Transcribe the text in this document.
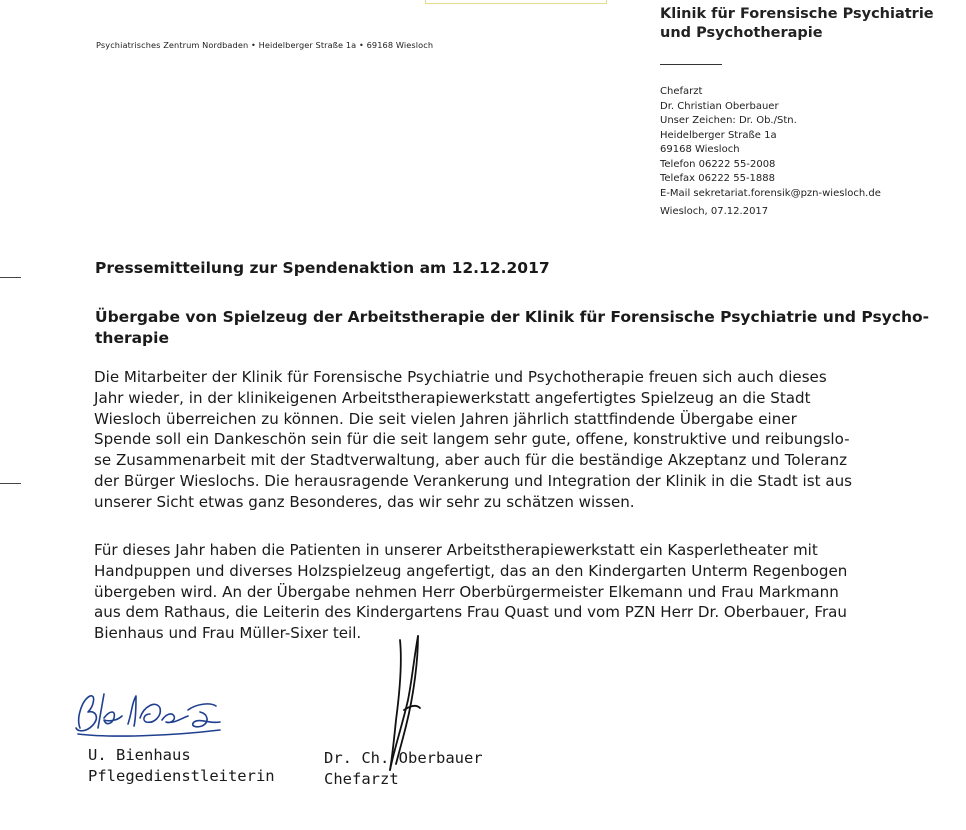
Psychiatrisches Zentrum Nordbaden • Heidelberger Straße 1a • 69168 Wiesloch
Klinik für Forensische Psychiatrie
und Psychotherapie
Chefarzt
Dr. Christian Oberbauer
Unser Zeichen: Dr. Ob./Stn.
Heidelberger Straße 1a
69168 Wiesloch
Telefon 06222 55-2008
Telefax 06222 55-1888
E-Mail sekretariat.forensik@pzn-wiesloch.de
Wiesloch, 07.12.2017
Pressemitteilung zur Spendenaktion am 12.12.2017
Übergabe von Spielzeug der Arbeitstherapie der Klinik für Forensische Psychiatrie und Psycho-
therapie
Die Mitarbeiter der Klinik für Forensische Psychiatrie und Psychotherapie freuen sich auch dieses
Jahr wieder, in der klinikeigenen Arbeitstherapiewerkstatt angefertigtes Spielzeug an die Stadt
Wiesloch überreichen zu können. Die seit vielen Jahren jährlich stattfindende Übergabe einer
Spende soll ein Dankeschön sein für die seit langem sehr gute, offene, konstruktive und reibungslo-
se Zusammenarbeit mit der Stadtverwaltung, aber auch für die beständige Akzeptanz und Toleranz
der Bürger Wieslochs. Die herausragende Verankerung und Integration der Klinik in die Stadt ist aus
unserer Sicht etwas ganz Besonderes, das wir sehr zu schätzen wissen.
Für dieses Jahr haben die Patienten in unserer Arbeitstherapiewerkstatt ein Kasperletheater mit
Handpuppen und diverses Holzspielzeug angefertigt, das an den Kindergarten Unterm Regenbogen
übergeben wird. An der Übergabe nehmen Herr Oberbürgermeister Elkemann und Frau Markmann
aus dem Rathaus, die Leiterin des Kindergartens Frau Quast und vom PZN Herr Dr. Oberbauer, Frau
Bienhaus und Frau Müller-Sixer teil.
U. Bienhaus
Pflegedienstleiterin
Dr. Ch. Oberbauer
Chefarzt
